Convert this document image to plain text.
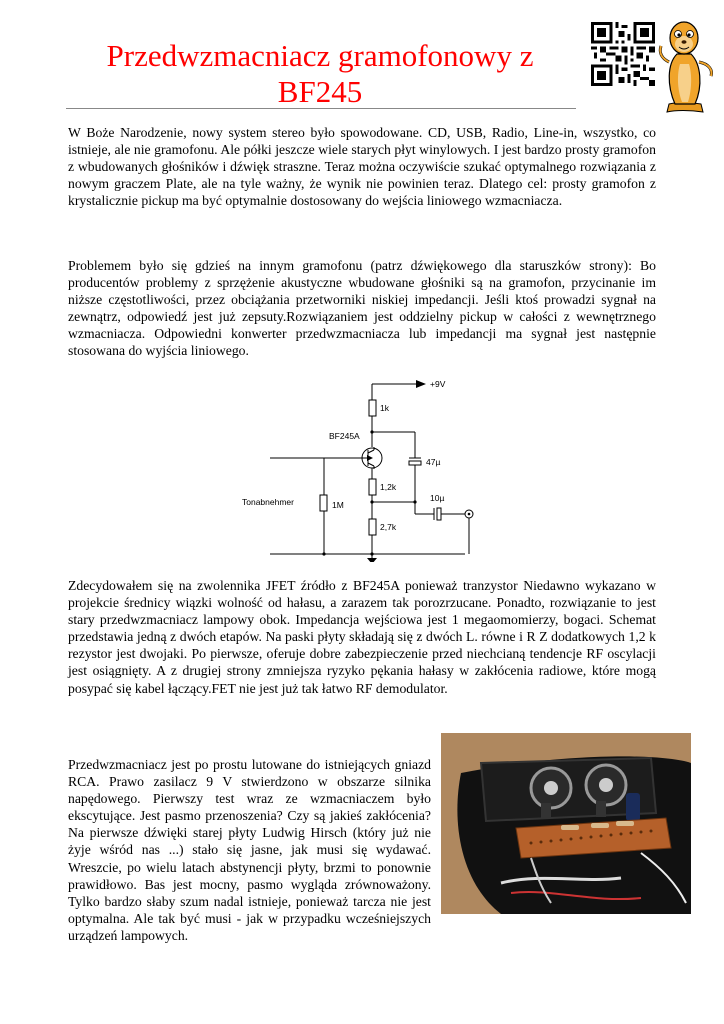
Przedwzmacniacz gramofonowy z
BF245

W Boże Narodzenie, nowy system stereo było spowodowane. CD, USB, Radio, Line-in, wszystko, co istnieje, ale nie gramofonu. Ale półki jeszcze wiele starych płyt winylowych. I jest bardzo prosty gramofon z wbudowanych głośników i dźwięk straszne. Teraz można oczywiście szukać optymalnego rozwiązania z nowym graczem Plate, ale na tyle ważny, że wynik nie powinien teraz. Dlatego cel: prosty gramofon z krystalicznie pickup ma być optymalnie dostosowany do wejścia liniowego wzmacniacza.

Problemem było się gdzieś na innym gramofonu (patrz dźwiękowego dla staruszków strony): Bo producentów problemy z sprzężenie akustyczne wbudowane głośniki są na gramofon, przycinanie im niższe częstotliwości, przez obciążania przetworniki niskiej impedancji. Jeśli ktoś prowadzi sygnał na zewnątrz, odpowiedź jest już zepsuty.Rozwiązaniem jest oddzielny pickup w całości z wewnętrznego wzmacniacza. Odpowiedni konwerter przedwzmacniacza lub impedancji ma sygnał jest następnie stosowana do wyjścia liniowego.

+9V
1k
BF245A
47µ
1,2k
10µ
Tonabnehmer	1M
2,7k

Zdecydowałem się na zwolennika JFET źródło z BF245A ponieważ tranzystor Niedawno wykazano w projekcie średnicy wiązki wolność od hałasu, a zarazem tak porozrzucane. Ponadto, rozwiązanie to jest stary przedwzmacniacz lampowy obok. Impedancja wejściowa jest 1 megaomomierzy, bogaci. Schemat przedstawia jedną z dwóch etapów. Na paski płyty składają się z dwóch L. równe i R Z dodatkowych 1,2 k rezystor jest dwojaki. Po pierwsze, oferuje dobre zabezpieczenie przed niechcianą tendencje RF oscylacji jest osiągnięty. A z drugiej strony zmniejsza ryzyko pękania hałasy w zakłócenia radiowe, które mogą posypać się kabel łączący.FET nie jest już tak łatwo RF demodulator.

Przedwzmacniacz jest po prostu lutowane do istniejących gniazd RCA. Prawo zasilacz 9 V stwierdzono w obszarze silnika napędowego. Pierwszy test wraz ze wzmacniaczem było ekscytujące. Jest pasmo przenoszenia? Czy są jakieś zakłócenia? Na pierwsze dźwięki starej płyty Ludwig Hirsch (który już nie żyje wśród nas ...) stało się jasne, jak musi się wydawać. Wreszcie, po wielu latach abstynencji płyty, brzmi to ponownie prawidłowo. Bas jest mocny, pasmo wygląda zrównoważony. Tylko bardzo słaby szum nadal istnieje, ponieważ tarcza nie jest optymalna. Ale tak być musi - jak w przypadku wcześniejszych urządzeń lampowych.
